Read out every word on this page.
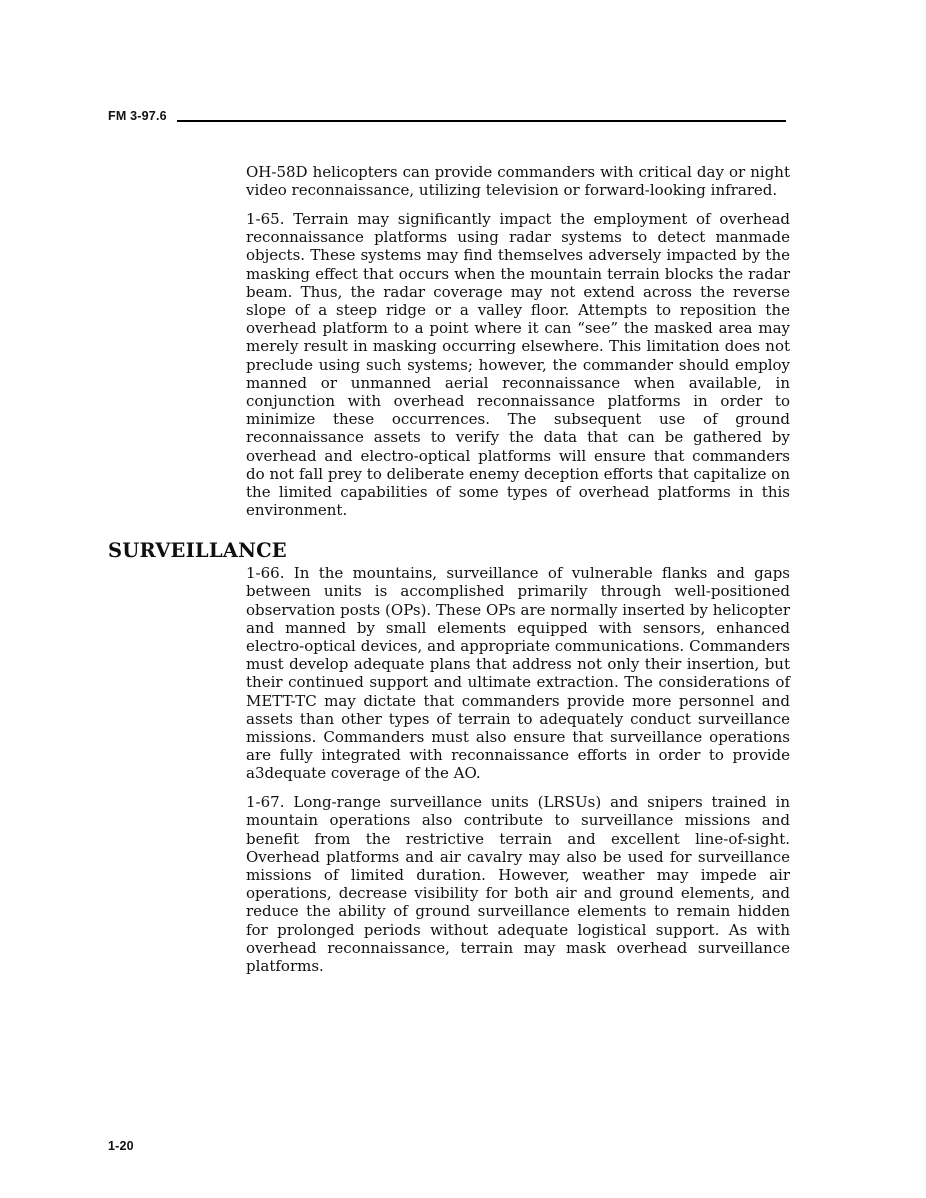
FM 3-97.6

OH-58D helicopters can provide commanders with critical day or night video reconnaissance, utilizing television or forward-looking infrared.

1-65. Terrain may significantly impact the employment of overhead reconnaissance platforms using radar systems to detect manmade objects. These systems may find themselves adversely impacted by the masking effect that occurs when the mountain terrain blocks the radar beam. Thus, the radar coverage may not extend across the reverse slope of a steep ridge or a valley floor. Attempts to reposition the overhead platform to a point where it can “see” the masked area may merely result in masking occurring elsewhere. This limitation does not preclude using such systems; however, the commander should employ manned or unmanned aerial reconnaissance when available, in conjunction with overhead reconnaissance platforms in order to minimize these occurrences. The subsequent use of ground reconnaissance assets to verify the data that can be gathered by overhead and electro-optical platforms will ensure that commanders do not fall prey to deliberate enemy deception efforts that capitalize on the limited capabilities of some types of overhead platforms in this environment.

SURVEILLANCE

1-66. In the mountains, surveillance of vulnerable flanks and gaps between units is accomplished primarily through well-positioned observation posts (OPs). These OPs are normally inserted by helicopter and manned by small elements equipped with sensors, enhanced electro-optical devices, and appropriate communications. Commanders must develop adequate plans that address not only their insertion, but their continued support and ultimate extraction. The considerations of METT-TC may dictate that commanders provide more personnel and assets than other types of terrain to adequately conduct surveillance missions. Commanders must also ensure that surveillance operations are fully integrated with reconnaissance efforts in order to provide a3dequate coverage of the AO.

1-67. Long-range surveillance units (LRSUs) and snipers trained in mountain operations also contribute to surveillance missions and benefit from the restrictive terrain and excellent line-of-sight. Overhead platforms and air cavalry may also be used for surveillance missions of limited duration. However, weather may impede air operations, decrease visibility for both air and ground elements, and reduce the ability of ground surveillance elements to remain hidden for prolonged periods without adequate logistical support. As with overhead reconnaissance, terrain may mask overhead surveillance platforms.

1-20
